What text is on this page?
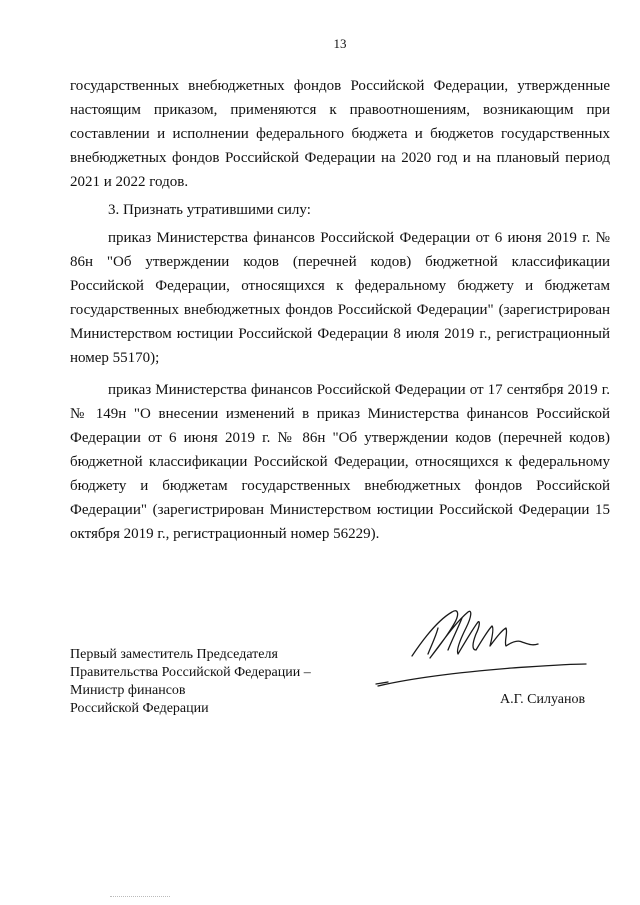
13

государственных внебюджетных фондов Российской Федерации, утвержденные настоящим приказом, применяются к правоотношениям, возникающим при составлении и исполнении федерального бюджета и бюджетов государственных внебюджетных фондов Российской Федерации на 2020 год и на плановый период 2021 и 2022 годов.

3. Признать утратившими силу:

приказ Министерства финансов Российской Федерации от 6 июня 2019 г. № 86н "Об утверждении кодов (перечней кодов) бюджетной классификации Российской Федерации, относящихся к федеральному бюджету и бюджетам государственных внебюджетных фондов Российской Федерации" (зарегистрирован Министерством юстиции Российской Федерации 8 июля 2019 г., регистрационный номер 55170);

приказ Министерства финансов Российской Федерации от 17 сентября 2019 г. № 149н "О внесении изменений в приказ Министерства финансов Российской Федерации от 6 июня 2019 г. № 86н "Об утверждении кодов (перечней кодов) бюджетной классификации Российской Федерации, относящихся к федеральному бюджету и бюджетам государственных внебюджетных фондов Российской Федерации" (зарегистрирован Министерством юстиции Российской Федерации 15 октября 2019 г., регистрационный номер 56229).

Первый заместитель Председателя
Правительства Российской Федерации –
Министр финансов
Российской Федерации
А.Г. Силуанов
